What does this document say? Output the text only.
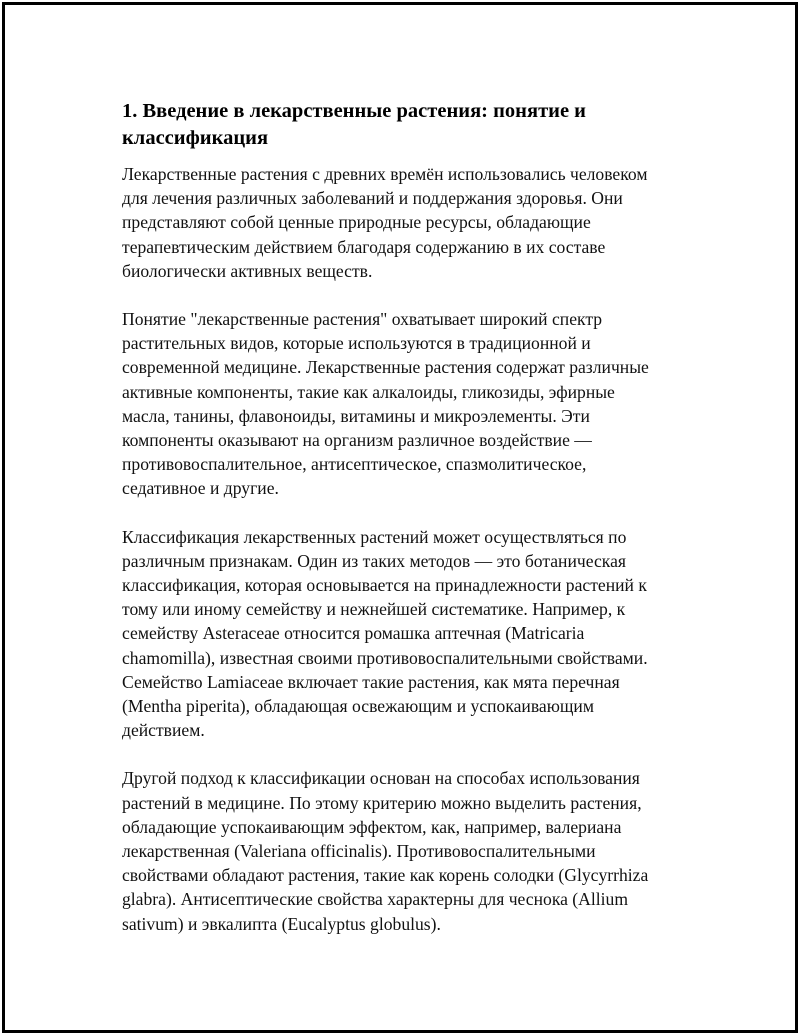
1. Введение в лекарственные растения: понятие и
классификация

Лекарственные растения с древних времён использовались человеком
для лечения различных заболеваний и поддержания здоровья. Они
представляют собой ценные природные ресурсы, обладающие
терапевтическим действием благодаря содержанию в их составе
биологически активных веществ.

Понятие "лекарственные растения" охватывает широкий спектр
растительных видов, которые используются в традиционной и
современной медицине. Лекарственные растения содержат различные
активные компоненты, такие как алкалоиды, гликозиды, эфирные
масла, танины, флавоноиды, витамины и микроэлементы. Эти
компоненты оказывают на организм различное воздействие —
противовоспалительное, антисептическое, спазмолитическое,
седативное и другие.

Классификация лекарственных растений может осуществляться по
различным признакам. Один из таких методов — это ботаническая
классификация, которая основывается на принадлежности растений к
тому или иному семейству и нежнейшей систематике. Например, к
семейству Asteraceae относится ромашка аптечная (Matricaria
chamomilla), известная своими противовоспалительными свойствами.
Семейство Lamiaceae включает такие растения, как мята перечная
(Mentha piperita), обладающая освежающим и успокаивающим
действием.

Другой подход к классификации основан на способах использования
растений в медицине. По этому критерию можно выделить растения,
обладающие успокаивающим эффектом, как, например, валериана
лекарственная (Valeriana officinalis). Противовоспалительными
свойствами обладают растения, такие как корень солодки (Glycyrrhiza
glabra). Антисептические свойства характерны для чеснока (Allium
sativum) и эвкалипта (Eucalyptus globulus).
